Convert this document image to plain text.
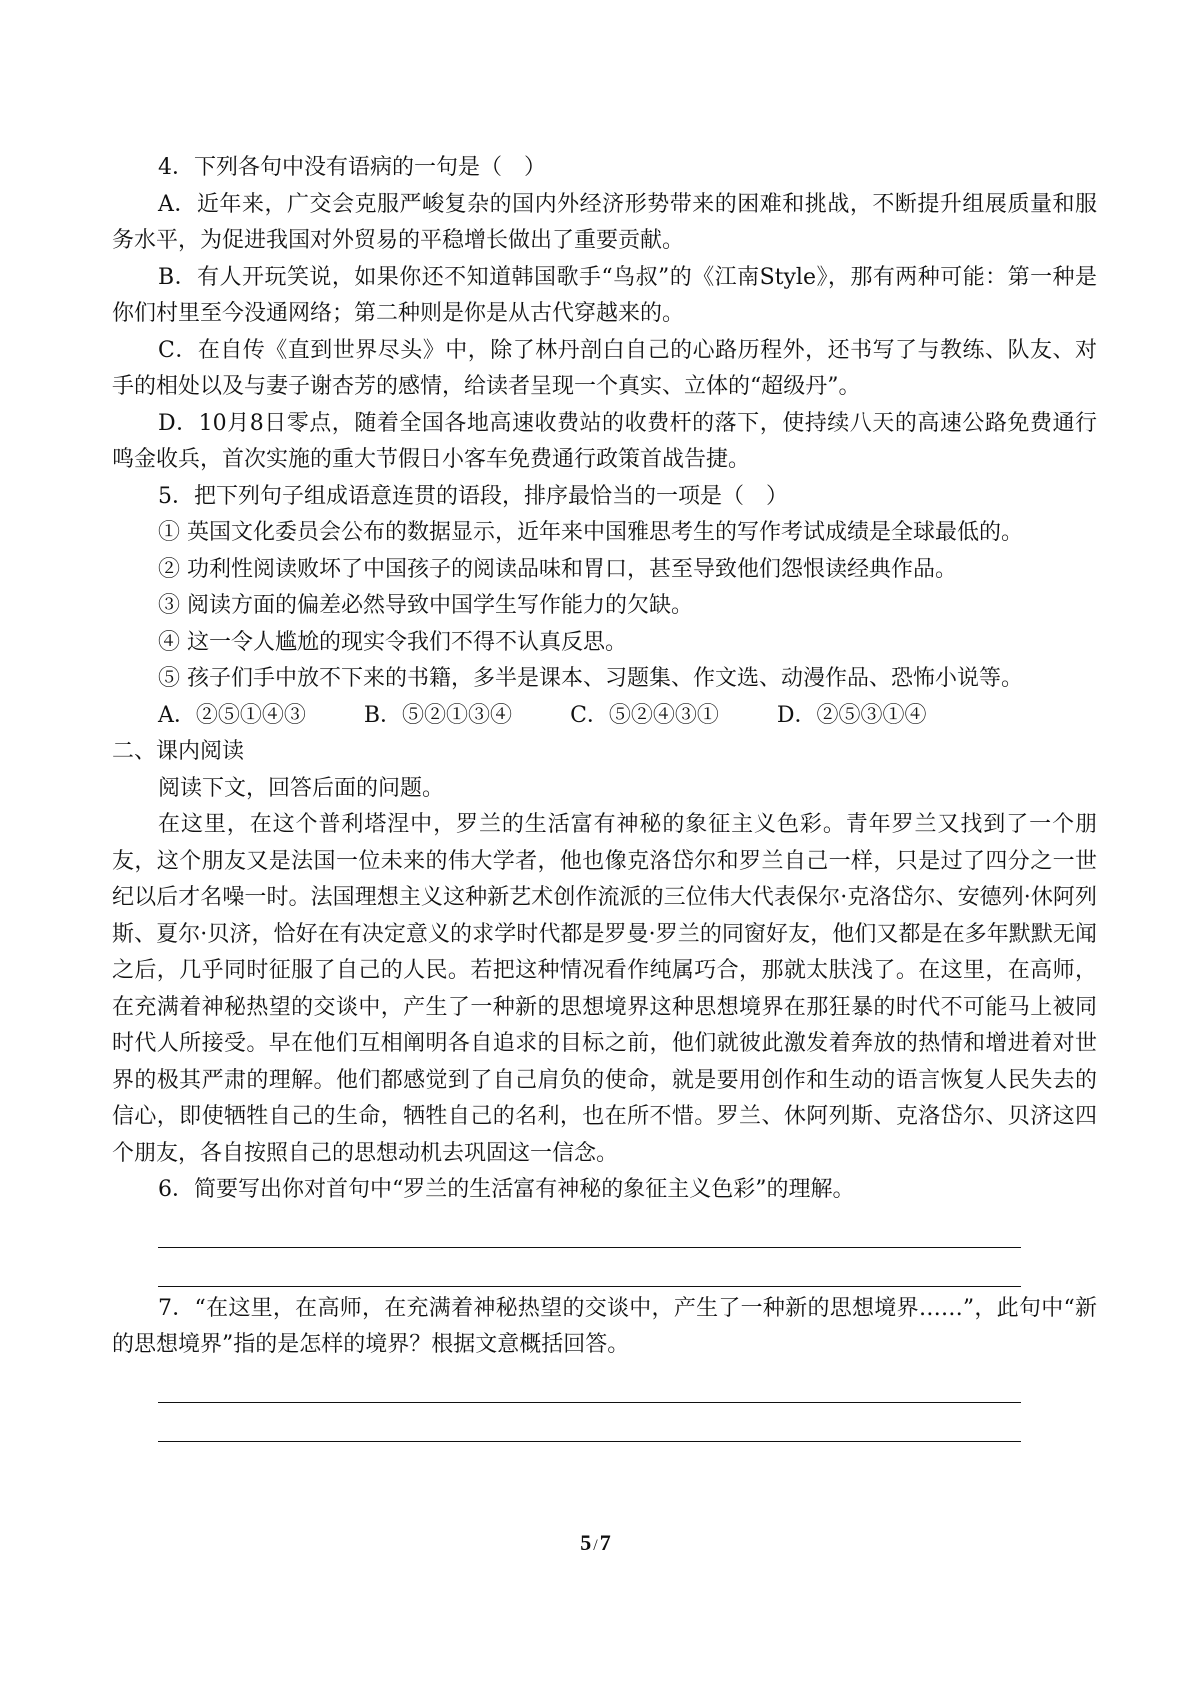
4．下列各句中没有语病的一句是（　）

A．近年来，广交会克服严峻复杂的国内外经济形势带来的困难和挑战，不断提升组展质量和服务水平，为促进我国对外贸易的平稳增长做出了重要贡献。

B．有人开玩笑说，如果你还不知道韩国歌手“鸟叔”的《江南Style》，那有两种可能：第一种是你们村里至今没通网络；第二种则是你是从古代穿越来的。

C．在自传《直到世界尽头》中，除了林丹剖白自己的心路历程外，还书写了与教练、队友、对手的相处以及与妻子谢杏芳的感情，给读者呈现一个真实、立体的“超级丹”。

D．10月8日零点，随着全国各地高速收费站的收费杆的落下，使持续八天的高速公路免费通行鸣金收兵，首次实施的重大节假日小客车免费通行政策首战告捷。

5．把下列句子组成语意连贯的语段，排序最恰当的一项是（　）

① 英国文化委员会公布的数据显示，近年来中国雅思考生的写作考试成绩是全球最低的。

② 功利性阅读败坏了中国孩子的阅读品味和胃口，甚至导致他们怨恨读经典作品。

③ 阅读方面的偏差必然导致中国学生写作能力的欠缺。

④ 这一令人尴尬的现实令我们不得不认真反思。

⑤ 孩子们手中放不下来的书籍，多半是课本、习题集、作文选、动漫作品、恐怖小说等。

A．②⑤①④③	B．⑤②①③④	C．⑤②④③①	D．②⑤③①④

二、课内阅读

阅读下文，回答后面的问题。

在这里，在这个普利塔涅中，罗兰的生活富有神秘的象征主义色彩。青年罗兰又找到了一个朋友，这个朋友又是法国一位未来的伟大学者，他也像克洛岱尔和罗兰自己一样，只是过了四分之一世纪以后才名噪一时。法国理想主义这种新艺术创作流派的三位伟大代表保尔·克洛岱尔、安德列·休阿列斯、夏尔·贝济，恰好在有决定意义的求学时代都是罗曼·罗兰的同窗好友，他们又都是在多年默默无闻之后，几乎同时征服了自己的人民。若把这种情况看作纯属巧合，那就太肤浅了。在这里，在高师，在充满着神秘热望的交谈中，产生了一种新的思想境界这种思想境界在那狂暴的时代不可能马上被同时代人所接受。早在他们互相阐明各自追求的目标之前，他们就彼此激发着奔放的热情和增进着对世界的极其严肃的理解。他们都感觉到了自己肩负的使命，就是要用创作和生动的语言恢复人民失去的信心，即使牺牲自己的生命，牺牲自己的名利，也在所不惜。罗兰、休阿列斯、克洛岱尔、贝济这四个朋友，各自按照自己的思想动机去巩固这一信念。

6．简要写出你对首句中“罗兰的生活富有神秘的象征主义色彩”的理解。

7．“在这里，在高师，在充满着神秘热望的交谈中，产生了一种新的思想境界……”，此句中“新的思想境界”指的是怎样的境界？根据文意概括回答。

5 /7
